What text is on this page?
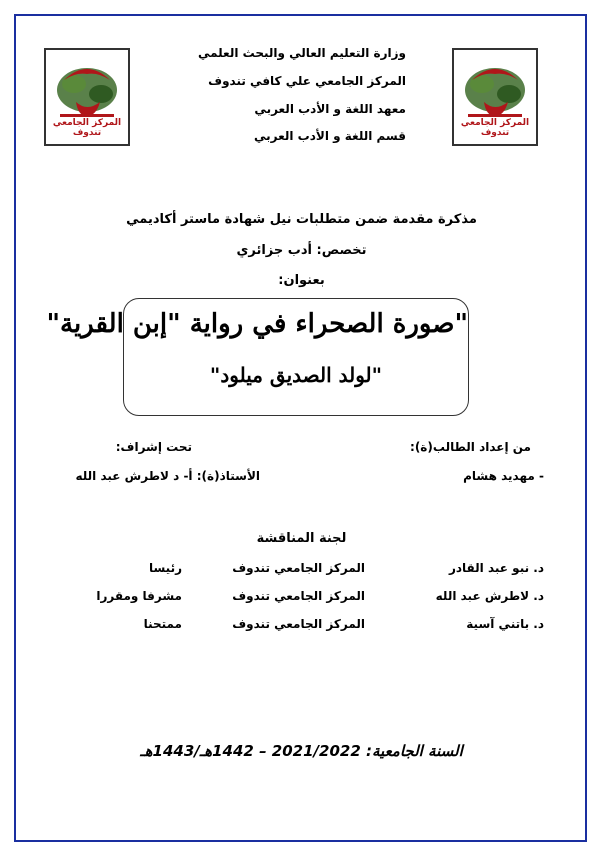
المركز الجامعي تندوف
المركز الجامعي تندوف
وزارة التعليم العالي والبحث العلمي
المركز الجامعي علي كافي تندوف
معهد اللغة و الأدب العربي
قسم اللغة و الأدب العربي
مذكرة مقدمة ضمن متطلبات نيل شهادة ماستر أكاديمي
تخصص: أدب جزائري
بعنوان:
"صورة الصحراء في رواية "إبن القرية"
"لولد الصديق ميلود"
من إعداد الطالب(ة):
تحت إشراف:
- مهديد هشام
الأستاذ(ة): أ- د لاطرش عبد الله
لجنة المناقشة
د. نبو عبد القادر
المركز الجامعي تندوف
رئيسا
د. لاطرش عبد الله
المركز الجامعي تندوف
مشرفا ومقررا
د. باتني آسية
المركز الجامعي تندوف
ممتحنا
السنة الجامعية: 2021/2022 – 1442هـ/1443هـ
